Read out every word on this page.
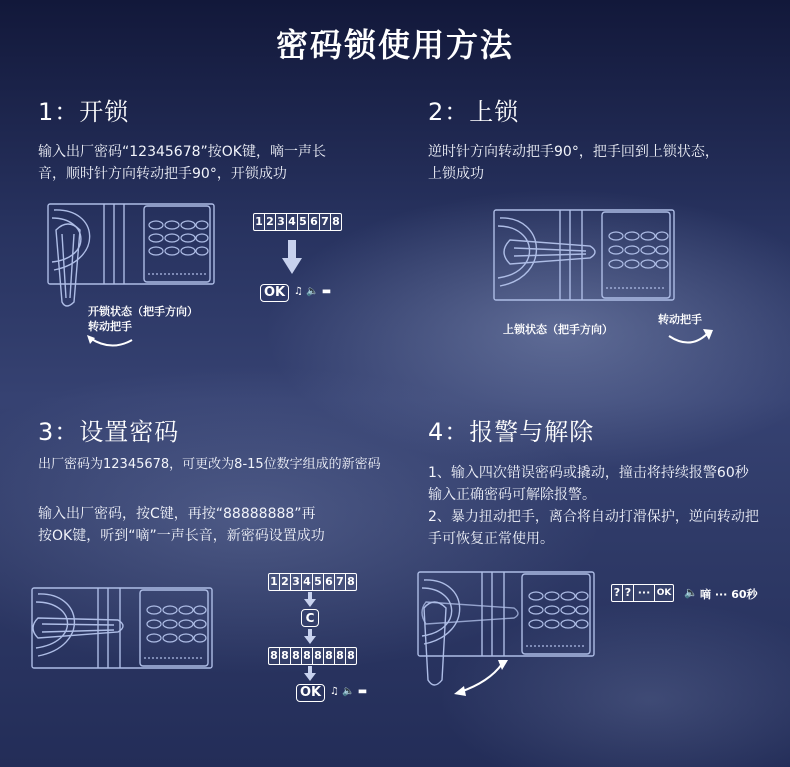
密码锁使用方法
1：开锁
输入出厂密码“12345678”按OK键，嘀一声长
音，顺时针方向转动把手90°，开锁成功
开锁状态（把手方向）
转动把手
1 2 3 4 5 6 7 8
OK ♫ 🔈 ▬
2：上锁
逆时针方向转动把手90°，把手回到上锁状态，
上锁成功
上锁状态（把手方向）
转动把手
3：设置密码
出厂密码为12345678，可更改为8-15位数字组成的新密码
输入出厂密码，按C键，再按“88888888”再
按OK键，听到“嘀”一声长音，新密码设置成功
1 2 3 4 5 6 7 8
C
8 8 8 8 8 8 8 8
OK ♫ 🔈 ▬
4：报警与解除
1、输入四次错误密码或撬动，撞击将持续报警60秒
输入正确密码可解除报警。
2、暴力扭动把手，离合将自动打滑保护，逆向转动把
手可恢复正常使用。
? ? ··· OK 🔈 嘀 ··· 60秒
